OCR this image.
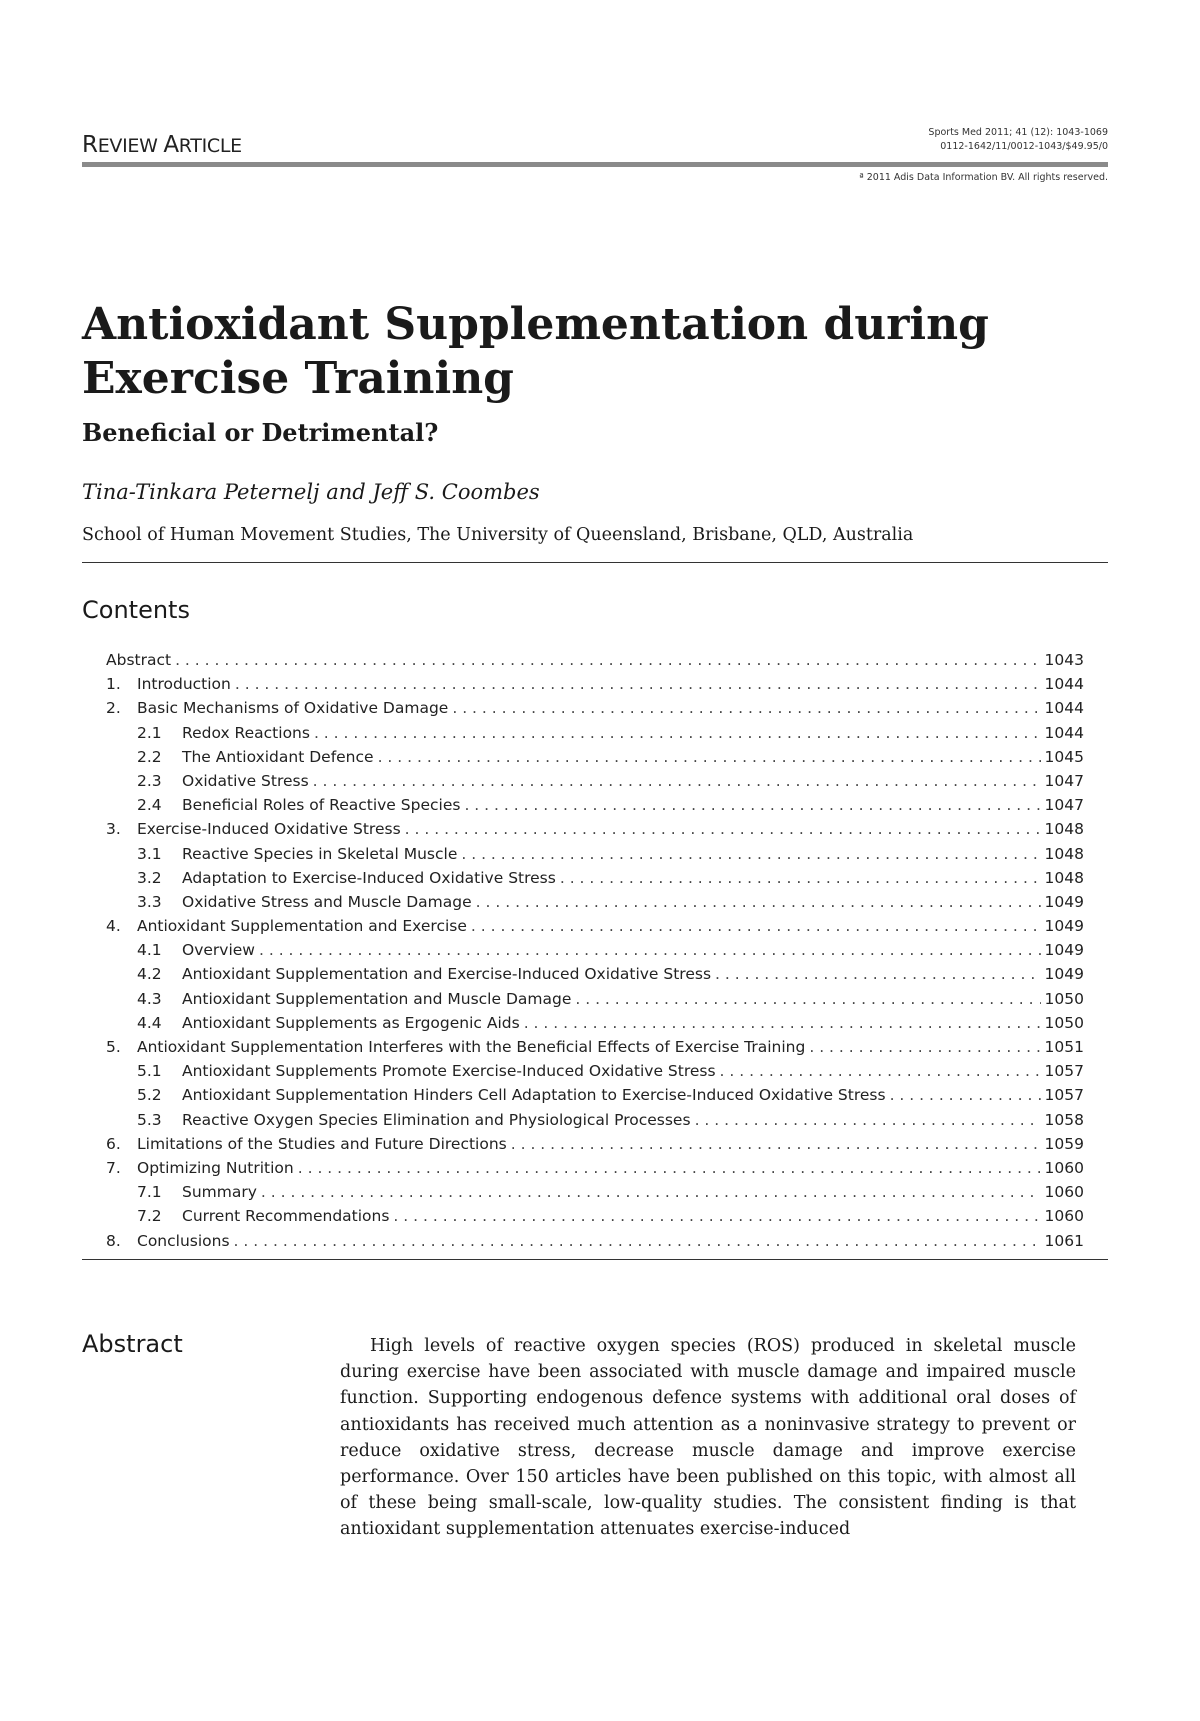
REVIEW ARTICLE
Sports Med 2011; 41 (12): 1043-1069
0112-1642/11/0012-1043/$49.95/0
ª 2011 Adis Data Information BV. All rights reserved.
Antioxidant Supplementation during Exercise Training
Beneficial or Detrimental?
Tina-Tinkara Peternelj and Jeff S. Coombes
School of Human Movement Studies, The University of Queensland, Brisbane, QLD, Australia
Contents
Abstract . . .	1043
1.	Introduction . . .	1044
2.	Basic Mechanisms of Oxidative Damage . . .	1044
2.1	Redox Reactions . . .	1044
2.2	The Antioxidant Defence . . .	1045
2.3	Oxidative Stress . . .	1047
2.4	Beneficial Roles of Reactive Species . . .	1047
3.	Exercise-Induced Oxidative Stress . . .	1048
3.1	Reactive Species in Skeletal Muscle . . .	1048
3.2	Adaptation to Exercise-Induced Oxidative Stress . . .	1048
3.3	Oxidative Stress and Muscle Damage . . .	1049
4.	Antioxidant Supplementation and Exercise . . .	1049
4.1	Overview . . .	1049
4.2	Antioxidant Supplementation and Exercise-Induced Oxidative Stress . . .	1049
4.3	Antioxidant Supplementation and Muscle Damage . . .	1050
4.4	Antioxidant Supplements as Ergogenic Aids . . .	1050
5.	Antioxidant Supplementation Interferes with the Beneficial Effects of Exercise Training . . .	1051
5.1	Antioxidant Supplements Promote Exercise-Induced Oxidative Stress . . .	1057
5.2	Antioxidant Supplementation Hinders Cell Adaptation to Exercise-Induced Oxidative Stress . . .	1057
5.3	Reactive Oxygen Species Elimination and Physiological Processes . . .	1058
6.	Limitations of the Studies and Future Directions . . .	1059
7.	Optimizing Nutrition . . .	1060
7.1	Summary . . .	1060
7.2	Current Recommendations . . .	1060
8.	Conclusions . . .	1061
Abstract	High levels of reactive oxygen species (ROS) produced in skeletal muscle during exercise have been associated with muscle damage and impaired muscle function. Supporting endogenous defence systems with additional oral doses of antioxidants has received much attention as a noninvasive strategy to prevent or reduce oxidative stress, decrease muscle damage and improve exercise performance. Over 150 articles have been published on this topic, with almost all of these being small-scale, low-quality studies. The consistent finding is that antioxidant supplementation attenuates exercise-induced
